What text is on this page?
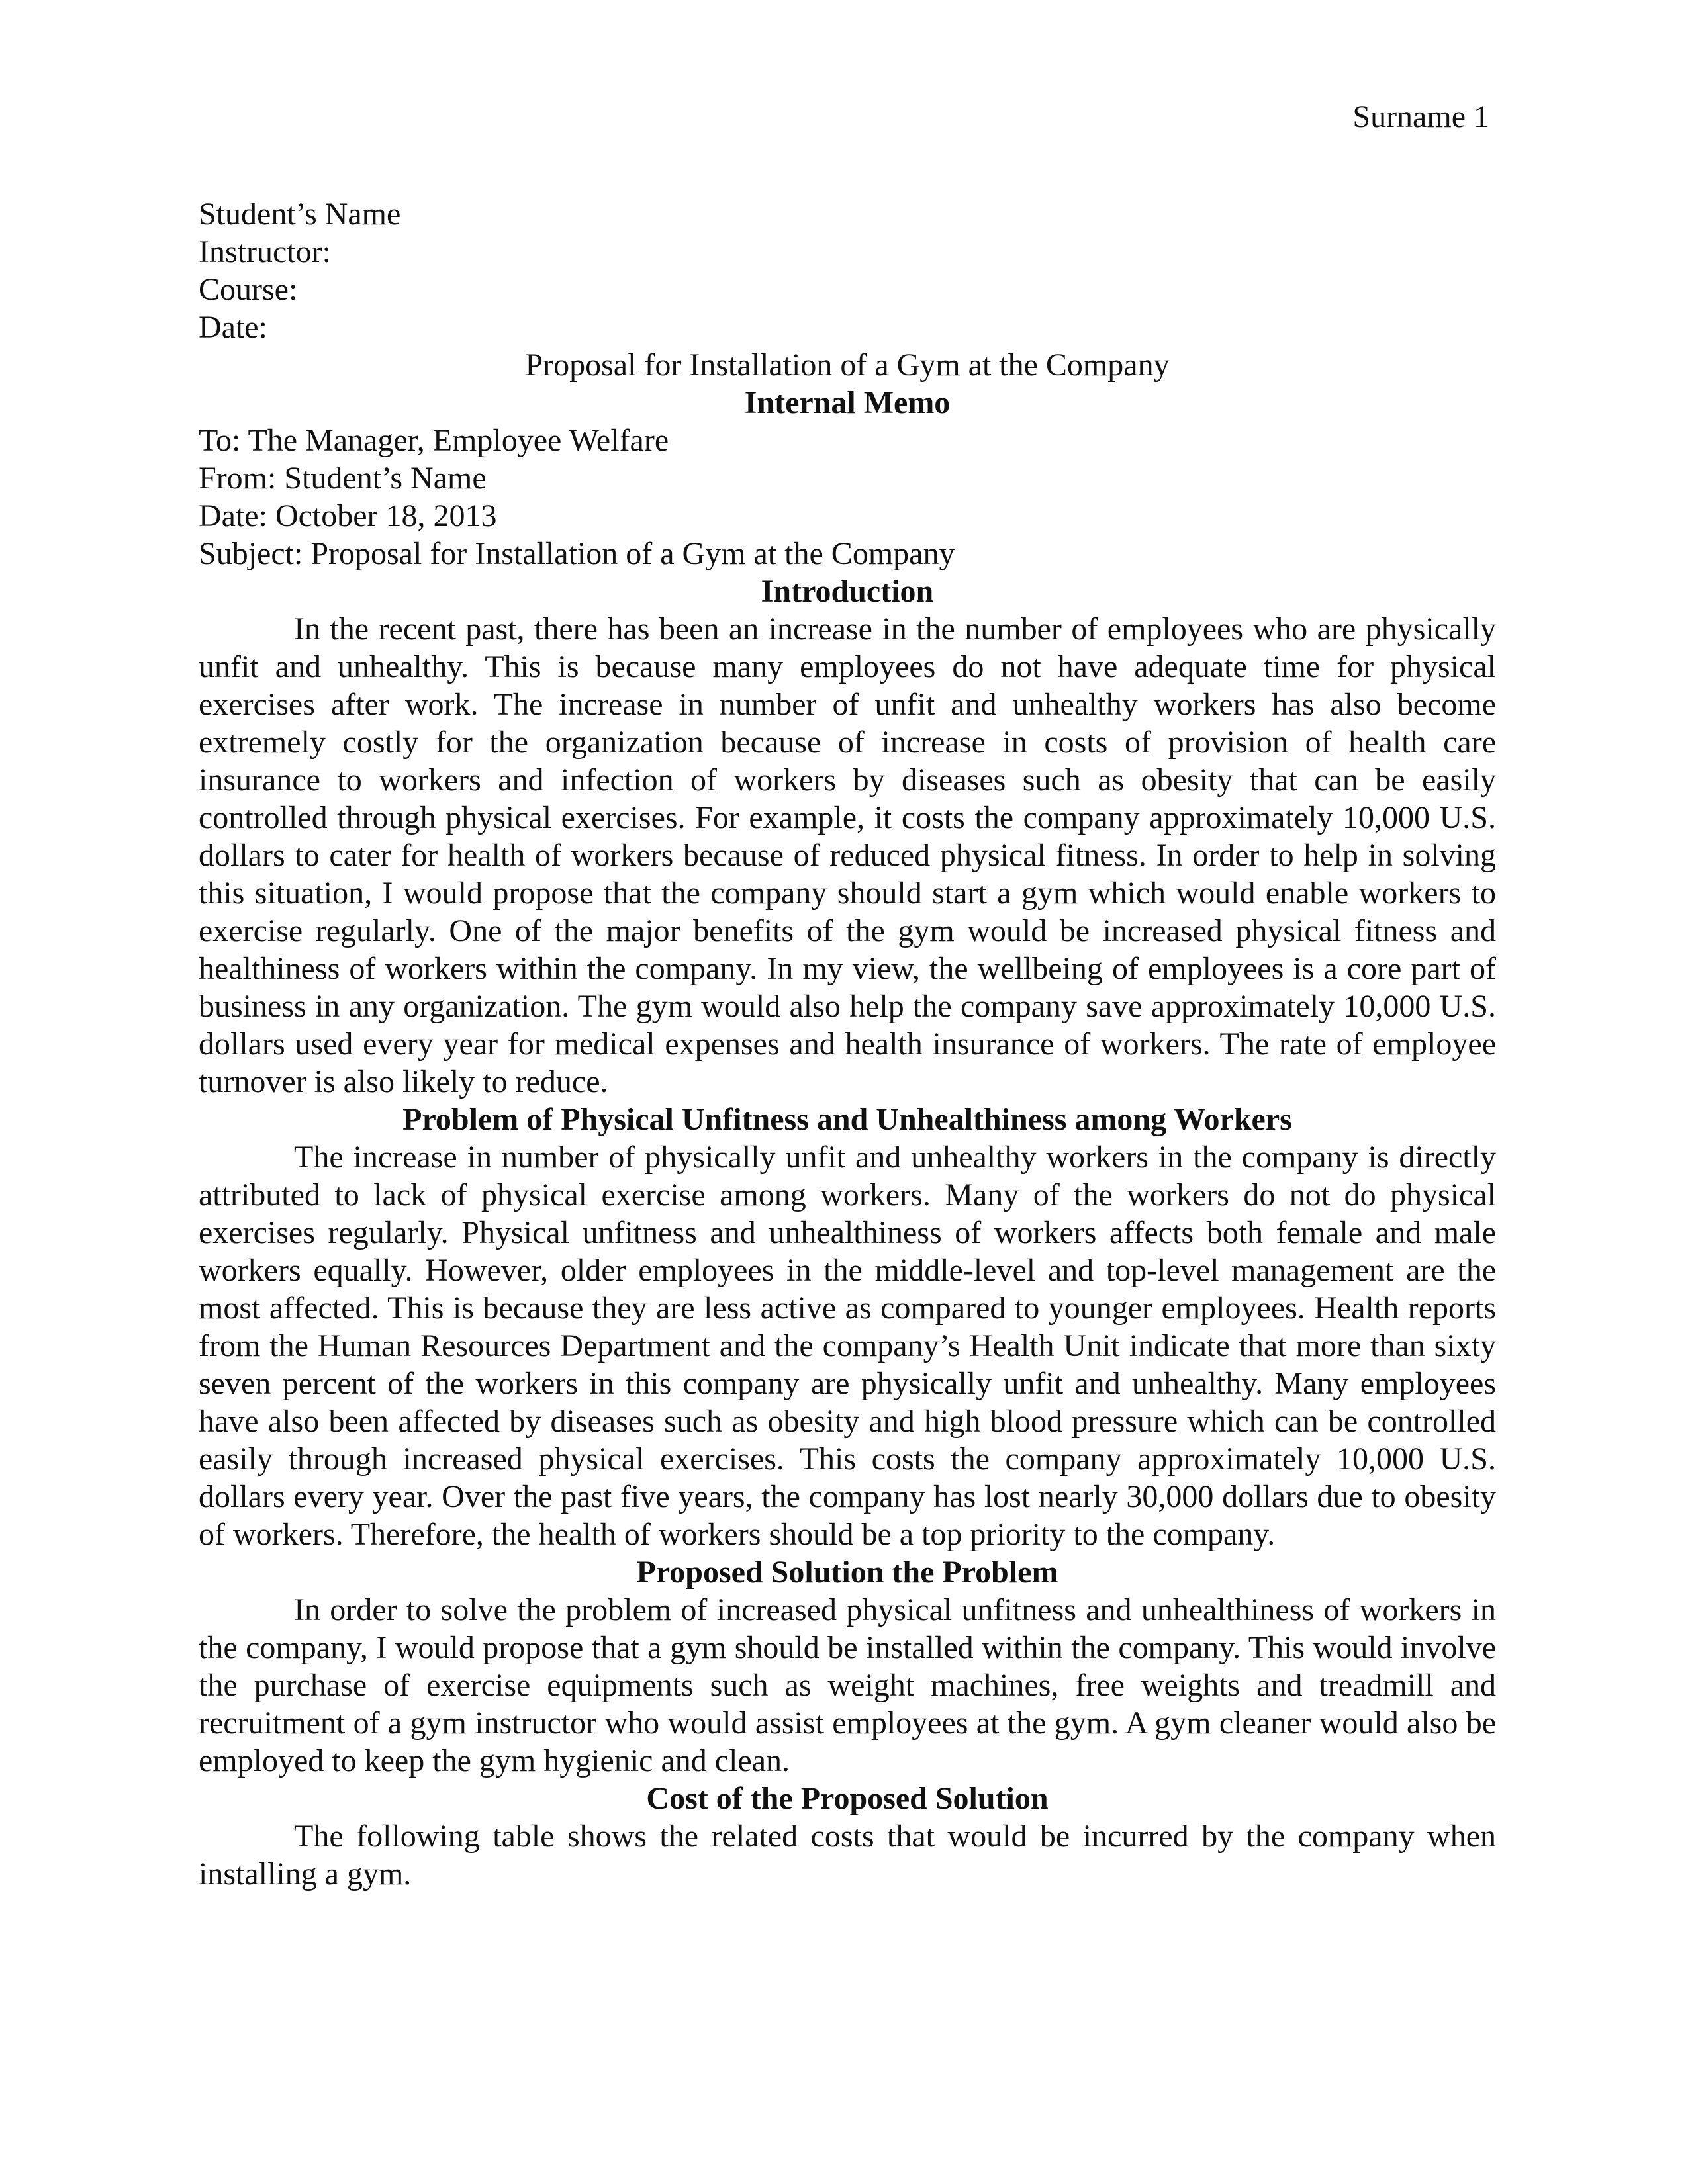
Surname 1
Student’s Name
Instructor:
Course:
Date:
Proposal for Installation of a Gym at the Company
Internal Memo
To: The Manager, Employee Welfare
From: Student’s Name
Date: October 18, 2013
Subject: Proposal for Installation of a Gym at the Company
Introduction

In the recent past, there has been an increase in the number of employees who are physically unfit and unhealthy. This is because many employees do not have adequate time for physical exercises after work. The increase in number of unfit and unhealthy workers has also become extremely costly for the organization because of increase in costs of provision of health care insurance to workers and infection of workers by diseases such as obesity that can be easily controlled through physical exercises. For example, it costs the company approximately 10,000 U.S. dollars to cater for health of workers because of reduced physical fitness. In order to help in solving this situation, I would propose that the company should start a gym which would enable workers to exercise regularly. One of the major benefits of the gym would be increased physical fitness and healthiness of workers within the company. In my view, the wellbeing of employees is a core part of business in any organization. The gym would also help the company save approximately 10,000 U.S. dollars used every year for medical expenses and health insurance of workers. The rate of employee turnover is also likely to reduce.

Problem of Physical Unfitness and Unhealthiness among Workers

The increase in number of physically unfit and unhealthy workers in the company is directly attributed to lack of physical exercise among workers. Many of the workers do not do physical exercises regularly. Physical unfitness and unhealthiness of workers affects both female and male workers equally. However, older employees in the middle-level and top-level management are the most affected. This is because they are less active as compared to younger employees. Health reports from the Human Resources Department and the company’s Health Unit indicate that more than sixty seven percent of the workers in this company are physically unfit and unhealthy. Many employees have also been affected by diseases such as obesity and high blood pressure which can be controlled easily through increased physical exercises. This costs the company approximately 10,000 U.S. dollars every year. Over the past five years, the company has lost nearly 30,000 dollars due to obesity of workers. Therefore, the health of workers should be a top priority to the company.

Proposed Solution the Problem

In order to solve the problem of increased physical unfitness and unhealthiness of workers in the company, I would propose that a gym should be installed within the company. This would involve the purchase of exercise equipments such as weight machines, free weights and treadmill and recruitment of a gym instructor who would assist employees at the gym. A gym cleaner would also be employed to keep the gym hygienic and clean.

Cost of the Proposed Solution

The following table shows the related costs that would be incurred by the company when installing a gym.
